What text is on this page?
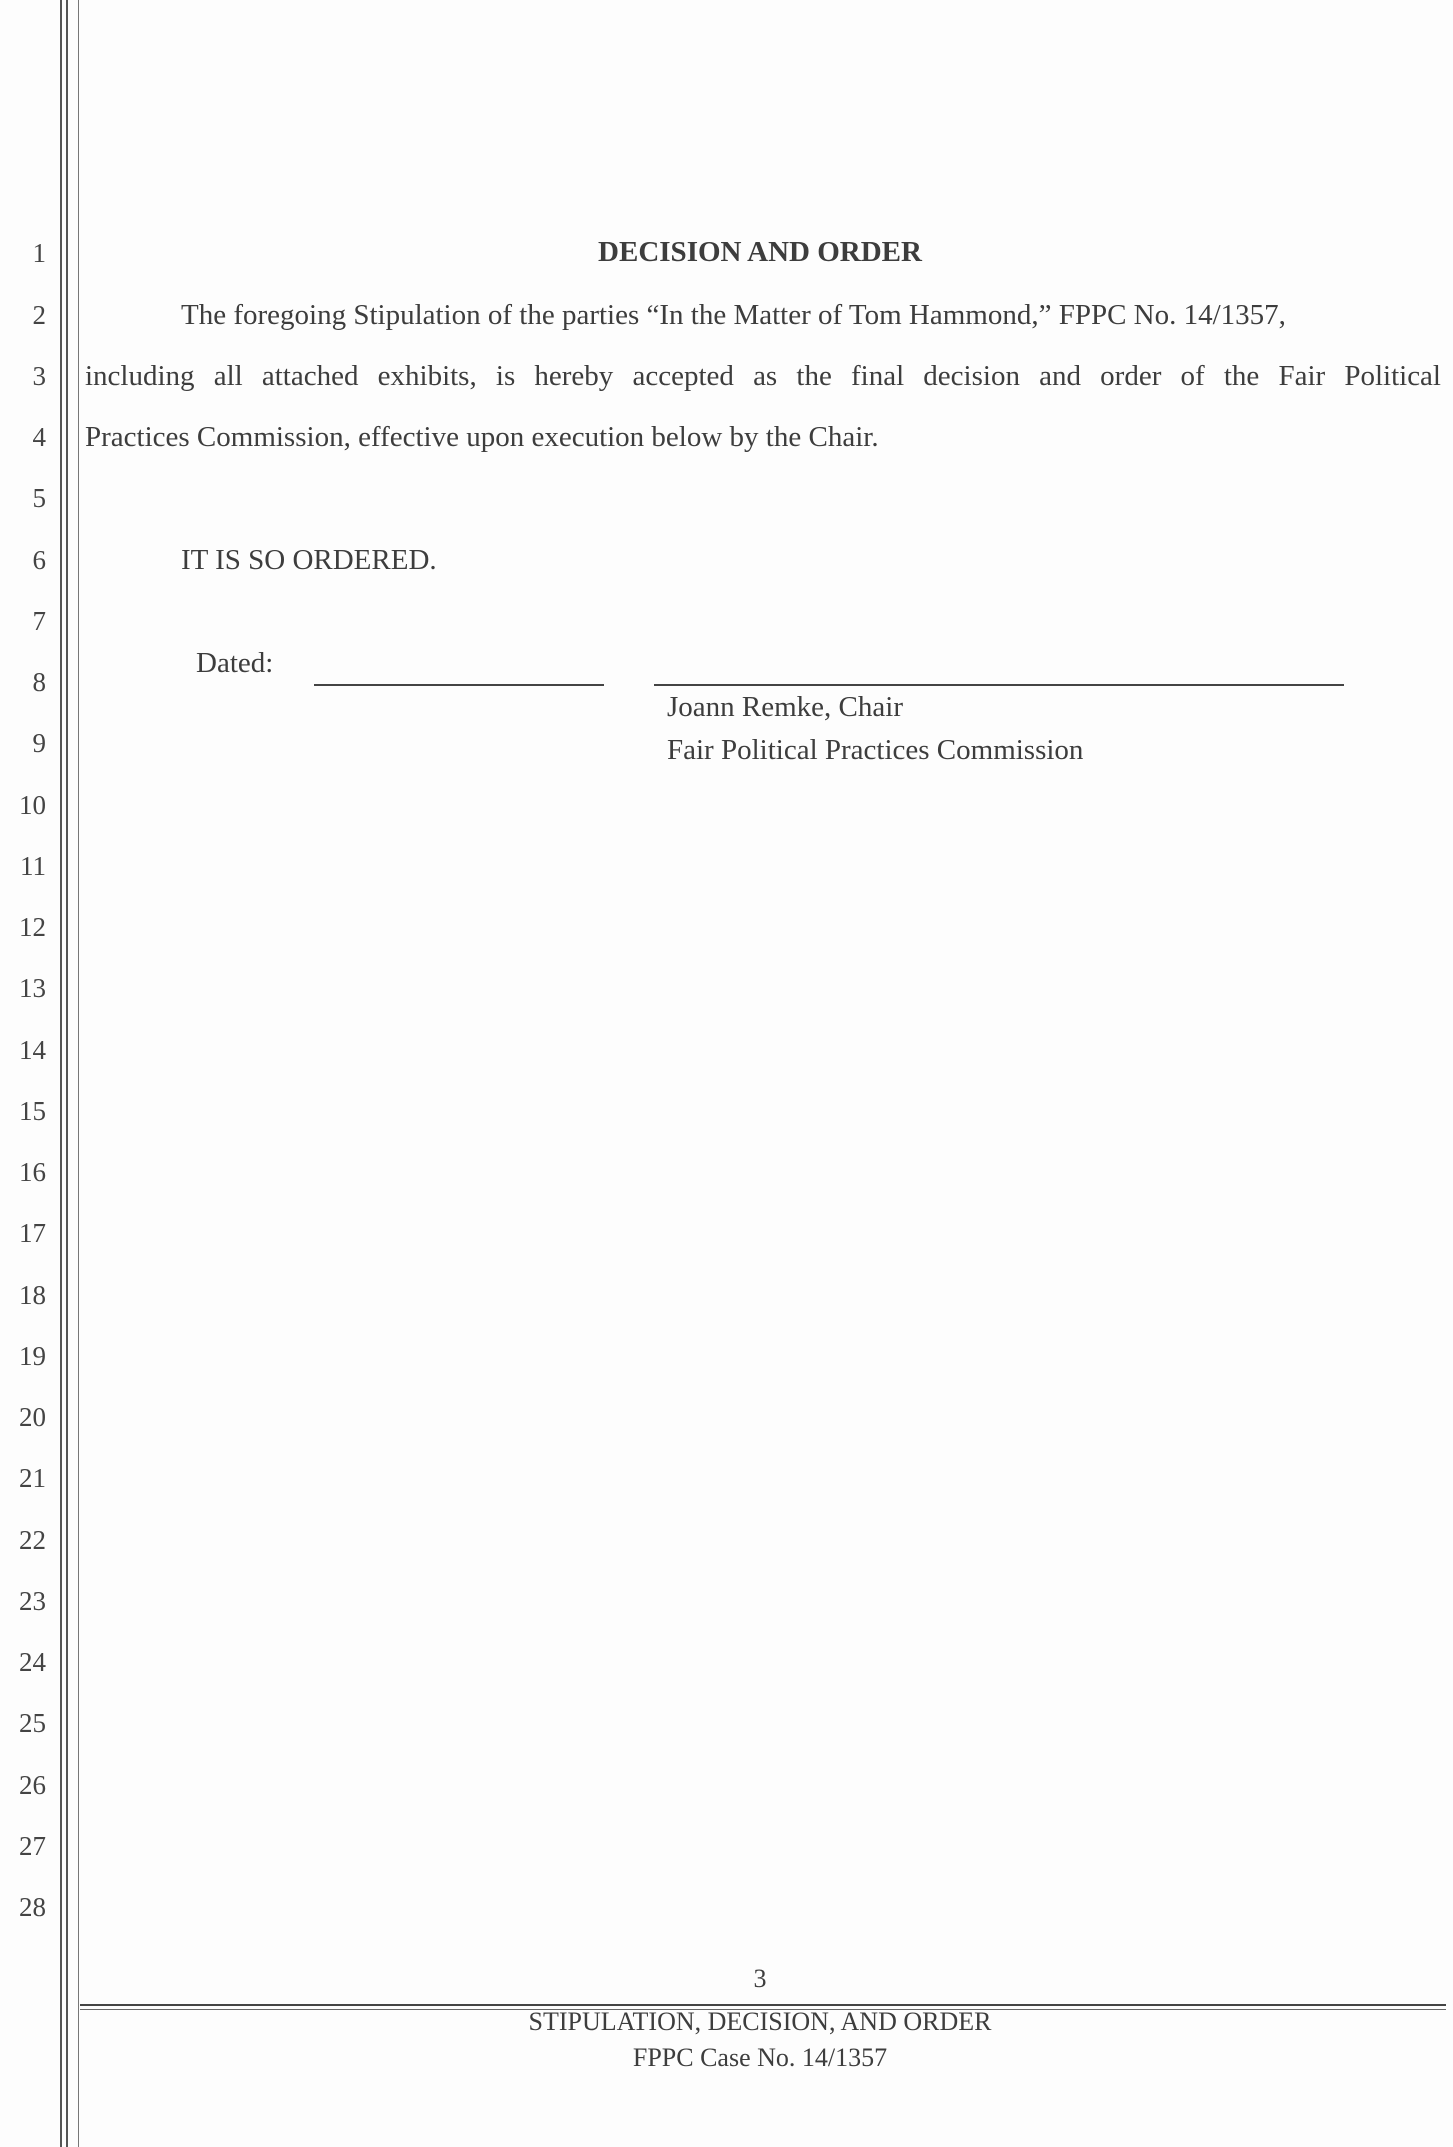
1
2
3
4
5
6
7
8
9
10
11
12
13
14
15
16
17
18
19
20
21
22
23
24
25
26
27
28
DECISION AND ORDER
The foregoing Stipulation of the parties “In the Matter of Tom Hammond,” FPPC No. 14/1357,
including all attached exhibits, is hereby accepted as the final decision and order of the Fair Political
Practices Commission, effective upon execution below by the Chair.
IT IS SO ORDERED.
Dated:
Joann Remke, Chair
Fair Political Practices Commission
3
STIPULATION, DECISION, AND ORDER
FPPC Case No. 14/1357
